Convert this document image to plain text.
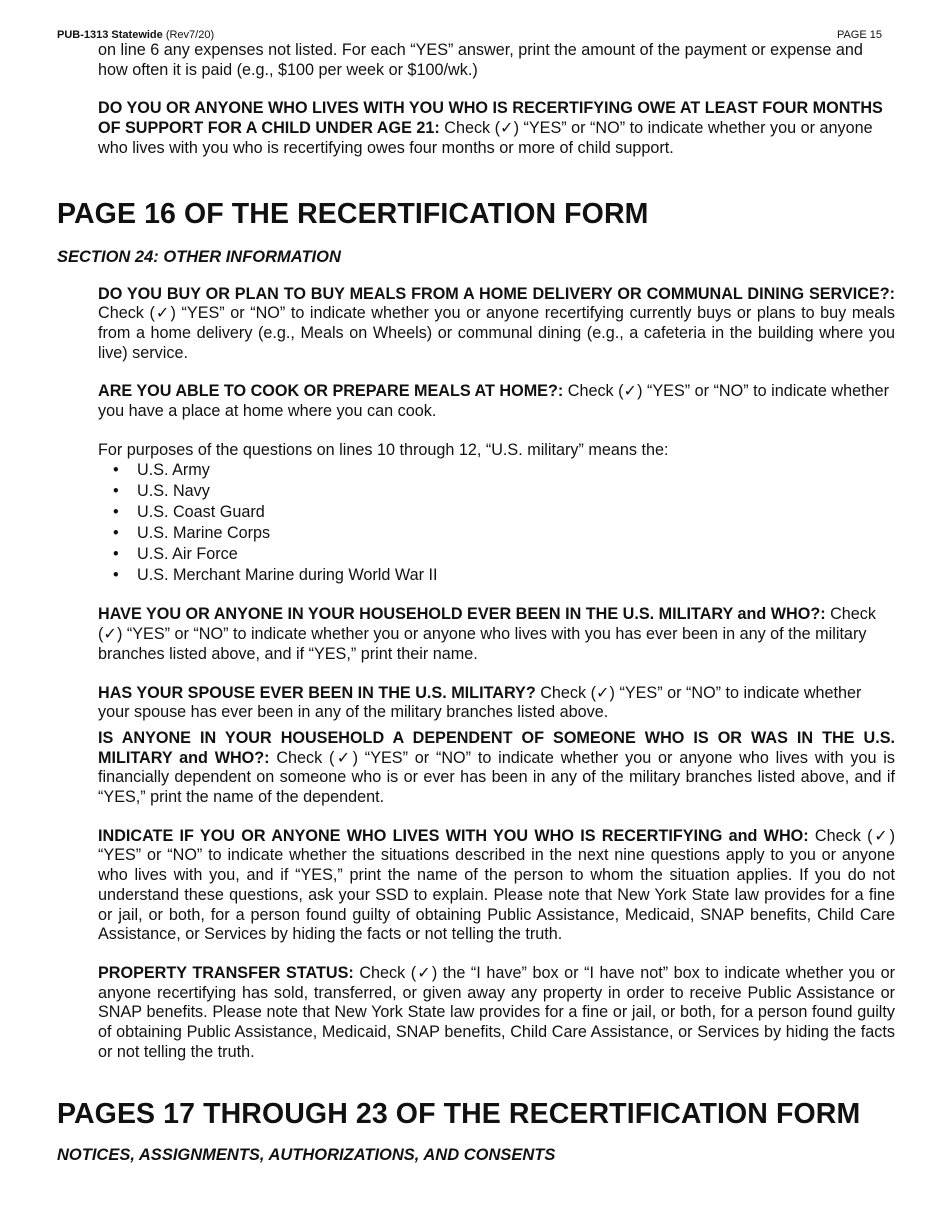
PUB-1313 Statewide (Rev7/20)	PAGE 15

on line 6 any expenses not listed. For each “YES” answer, print the amount of the payment or expense and how often it is paid (e.g., $100 per week or $100/wk.)

DO YOU OR ANYONE WHO LIVES WITH YOU WHO IS RECERTIFYING OWE AT LEAST FOUR MONTHS OF SUPPORT FOR A CHILD UNDER AGE 21: Check (✓) “YES” or “NO” to indicate whether you or anyone who lives with you who is recertifying owes four months or more of child support.

PAGE 16 OF THE RECERTIFICATION FORM
SECTION 24: OTHER INFORMATION

DO YOU BUY OR PLAN TO BUY MEALS FROM A HOME DELIVERY OR COMMUNAL DINING SERVICE?: Check (✓) “YES” or “NO” to indicate whether you or anyone recertifying currently buys or plans to buy meals from a home delivery (e.g., Meals on Wheels) or communal dining (e.g., a cafeteria in the building where you live) service.

ARE YOU ABLE TO COOK OR PREPARE MEALS AT HOME?: Check (✓) “YES” or “NO” to indicate whether you have a place at home where you can cook.

For purposes of the questions on lines 10 through 12, “U.S. military” means the:

• U.S. Army
• U.S. Navy
• U.S. Coast Guard
• U.S. Marine Corps
• U.S. Air Force
• U.S. Merchant Marine during World War II

HAVE YOU OR ANYONE IN YOUR HOUSEHOLD EVER BEEN IN THE U.S. MILITARY and WHO?: Check (✓) “YES” or “NO” to indicate whether you or anyone who lives with you has ever been in any of the military branches listed above, and if “YES,” print their name.

HAS YOUR SPOUSE EVER BEEN IN THE U.S. MILITARY? Check (✓) “YES” or “NO” to indicate whether your spouse has ever been in any of the military branches listed above.

IS ANYONE IN YOUR HOUSEHOLD A DEPENDENT OF SOMEONE WHO IS OR WAS IN THE U.S. MILITARY and WHO?: Check (✓) “YES” or “NO” to indicate whether you or anyone who lives with you is financially dependent on someone who is or ever has been in any of the military branches listed above, and if “YES,” print the name of the dependent.

INDICATE IF YOU OR ANYONE WHO LIVES WITH YOU WHO IS RECERTIFYING and WHO: Check (✓) “YES” or “NO” to indicate whether the situations described in the next nine questions apply to you or anyone who lives with you, and if “YES,” print the name of the person to whom the situation applies. If you do not understand these questions, ask your SSD to explain. Please note that New York State law provides for a fine or jail, or both, for a person found guilty of obtaining Public Assistance, Medicaid, SNAP benefits, Child Care Assistance, or Services by hiding the facts or not telling the truth.

PROPERTY TRANSFER STATUS: Check (✓) the “I have” box or “I have not” box to indicate whether you or anyone recertifying has sold, transferred, or given away any property in order to receive Public Assistance or SNAP benefits. Please note that New York State law provides for a fine or jail, or both, for a person found guilty of obtaining Public Assistance, Medicaid, SNAP benefits, Child Care Assistance, or Services by hiding the facts or not telling the truth.

PAGES 17 THROUGH 23 OF THE RECERTIFICATION FORM
NOTICES, ASSIGNMENTS, AUTHORIZATIONS, AND CONSENTS
